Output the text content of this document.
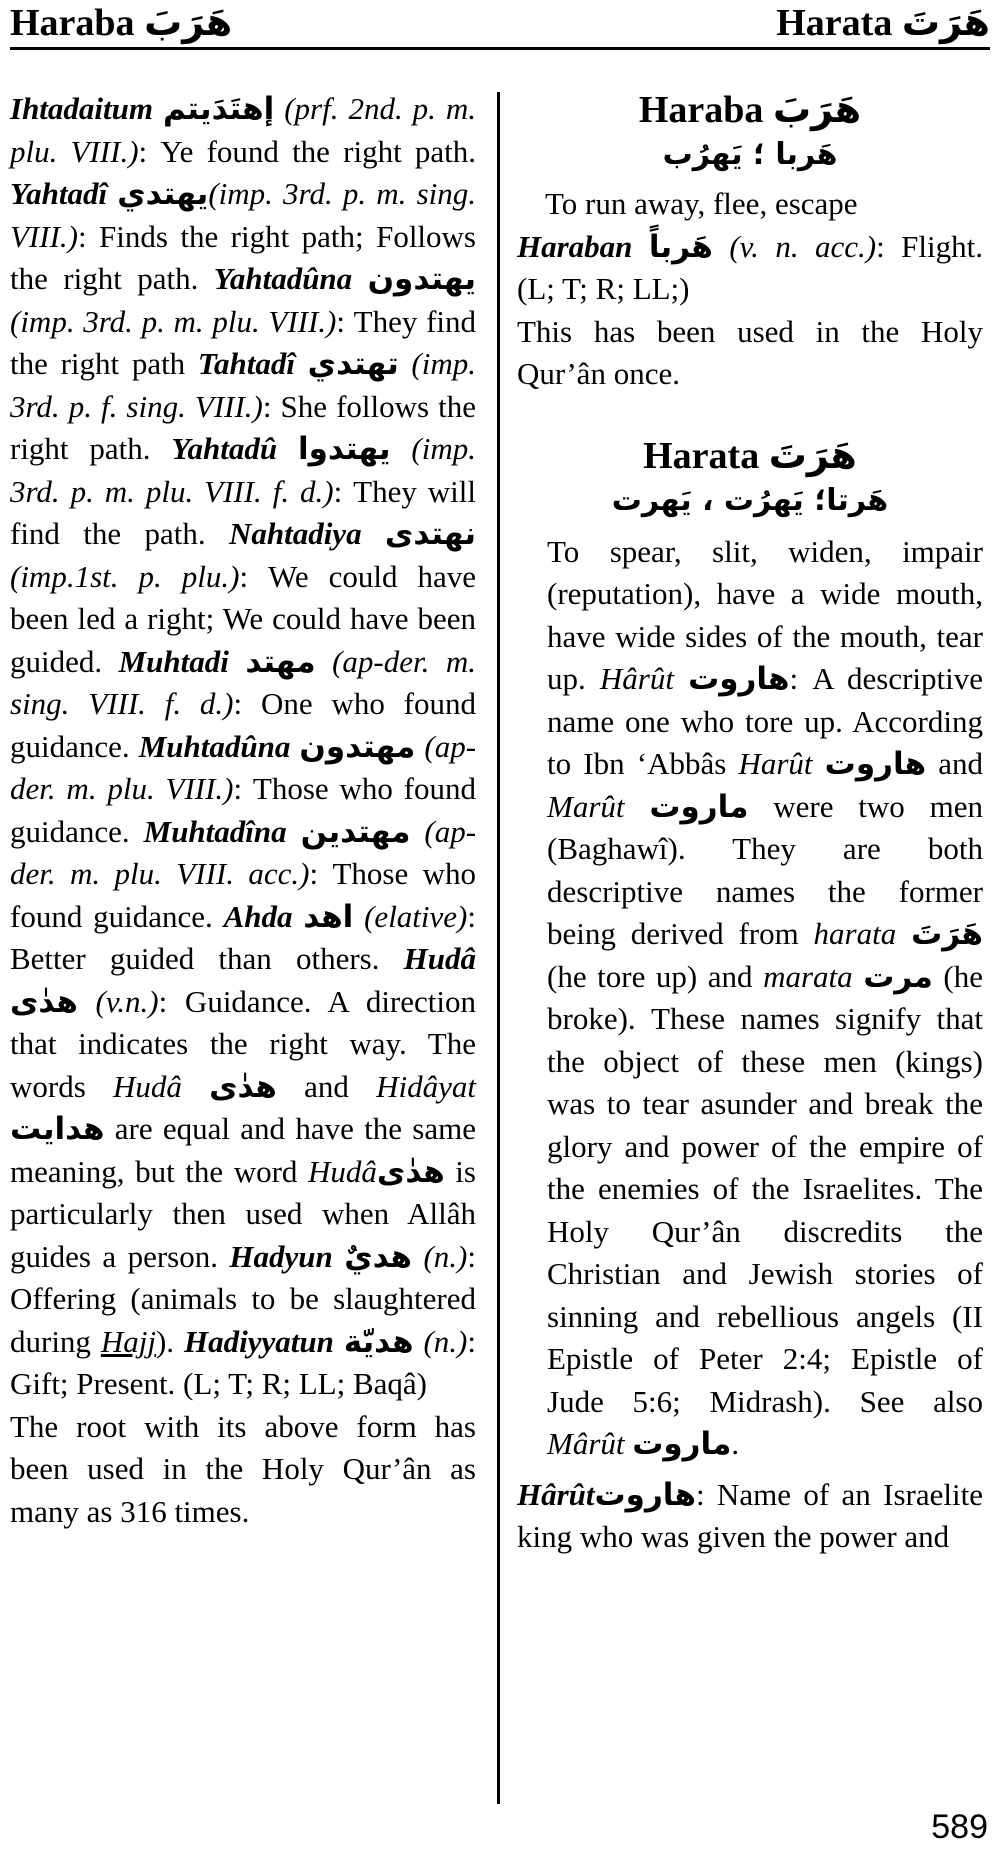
Haraba هَرَبَ	Harata هَرَتَ

Ihtadaitum إهتَدَيتم (prf. 2nd. p. m. plu. VIII.): Ye found the right path. Yahtadî يهتدي(imp. 3rd. p. m. sing. VIII.): Finds the right path; Follows the right path. Yahtadûna يهتدون (imp. 3rd. p. m. plu. VIII.): They find the right path Tahtadî تهتدي (imp. 3rd. p. f. sing. VIII.): She follows the right path. Yahtadû يهتدوا (imp. 3rd. p. m. plu. VIII. f. d.): They will find the path. Nahtadiya نهتدى (imp.1st. p. plu.): We could have been led a right; We could have been guided. Muhtadi مهتد (ap-der. m. sing. VIII. f. d.): One who found guidance. Muhtadûna مهتدون (ap-der. m. plu. VIII.): Those who found guidance. Muhtadîna مهتدين (ap-der. m. plu. VIII. acc.): Those who found guidance. Ahda اهد (elative): Better guided than others. Hudâ هدٰى (v.n.): Guidance. A direction that indicates the right way. The words Hudâ هدٰى and Hidâyat هدايت are equal and have the same meaning, but the word Hudâهدٰى is particularly then used when Allâh guides a person. Hadyun هديٌ (n.): Offering (animals to be slaughtered during Hajj). Hadiyyatun هديّة (n.): Gift; Present. (L; T; R; LL; Baqâ)

The root with its above form has been used in the Holy Qur’ân as many as 316 times.

Haraba هَرَبَ
هَربا ؛ يَهرُب

To run away, flee, escape

Haraban هَرباً (v. n. acc.): Flight. (L; T; R; LL;)

This has been used in the Holy Qur’ân once.

Harata هَرَتَ
هَرتا؛ يَهرُت ، يَهرت

To spear, slit, widen, impair (reputation), have a wide mouth, have wide sides of the mouth, tear up. Hârût هاروت: A descriptive name one who tore up. According to Ibn ‘Abbâs Harût هاروت and Marût ماروت were two men (Baghawî). They are both descriptive names the former being derived from harata هَرَتَ (he tore up) and marata مرت (he broke). These names signify that the object of these men (kings) was to tear asunder and break the glory and power of the empire of the enemies of the Israelites. The Holy Qur’ân discredits the Christian and Jewish stories of sinning and rebellious angels (II Epistle of Peter 2:4; Epistle of Jude 5:6; Midrash). See also Mârût ماروت.

Hârûtهاروت: Name of an Israelite king who was given the power and

589
